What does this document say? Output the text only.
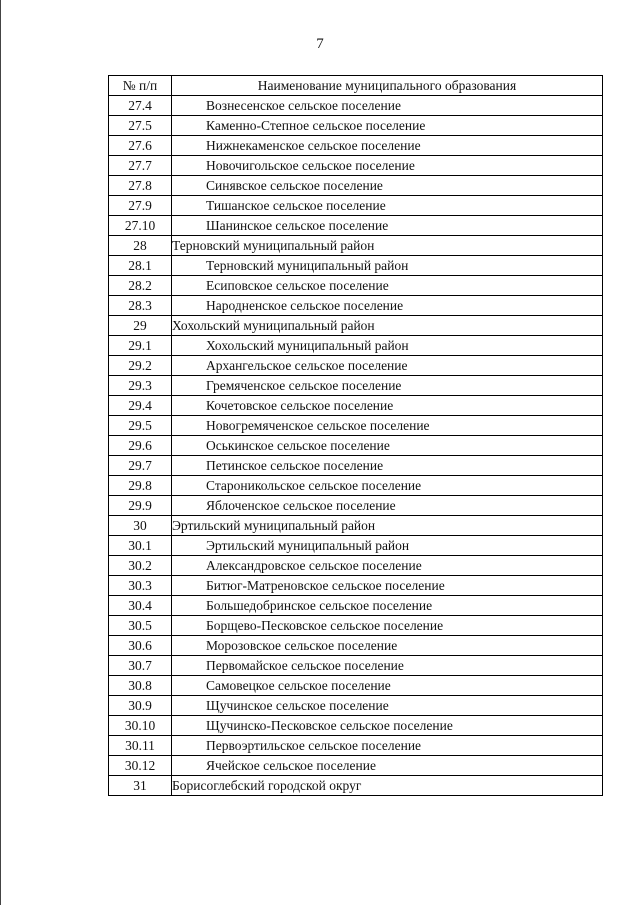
7
№ п/п	Наименование муниципального образования
27.4	Вознесенское сельское поселение
27.5	Каменно-Степное сельское поселение
27.6	Нижнекаменское сельское поселение
27.7	Новочигольское сельское поселение
27.8	Синявское сельское поселение
27.9	Тишанское сельское поселение
27.10	Шанинское сельское поселение
28	Терновский муниципальный район
28.1	Терновский муниципальный район
28.2	Есиповское сельское поселение
28.3	Народненское сельское поселение
29	Хохольский муниципальный район
29.1	Хохольский муниципальный район
29.2	Архангельское сельское поселение
29.3	Гремяченское сельское поселение
29.4	Кочетовское сельское поселение
29.5	Новогремяченское сельское поселение
29.6	Оськинское сельское поселение
29.7	Петинское сельское поселение
29.8	Староникольское сельское поселение
29.9	Яблоченское сельское поселение
30	Эртильский муниципальный район
30.1	Эртильский муниципальный район
30.2	Александровское сельское поселение
30.3	Битюг-Матреновское сельское поселение
30.4	Большедобринское сельское поселение
30.5	Борщево-Песковское сельское поселение
30.6	Морозовское сельское поселение
30.7	Первомайское сельское поселение
30.8	Самовецкое сельское поселение
30.9	Щучинское сельское поселение
30.10	Щучинско-Песковское сельское поселение
30.11	Первоэртильское сельское поселение
30.12	Ячейское сельское поселение
31	Борисоглебский городской округ
